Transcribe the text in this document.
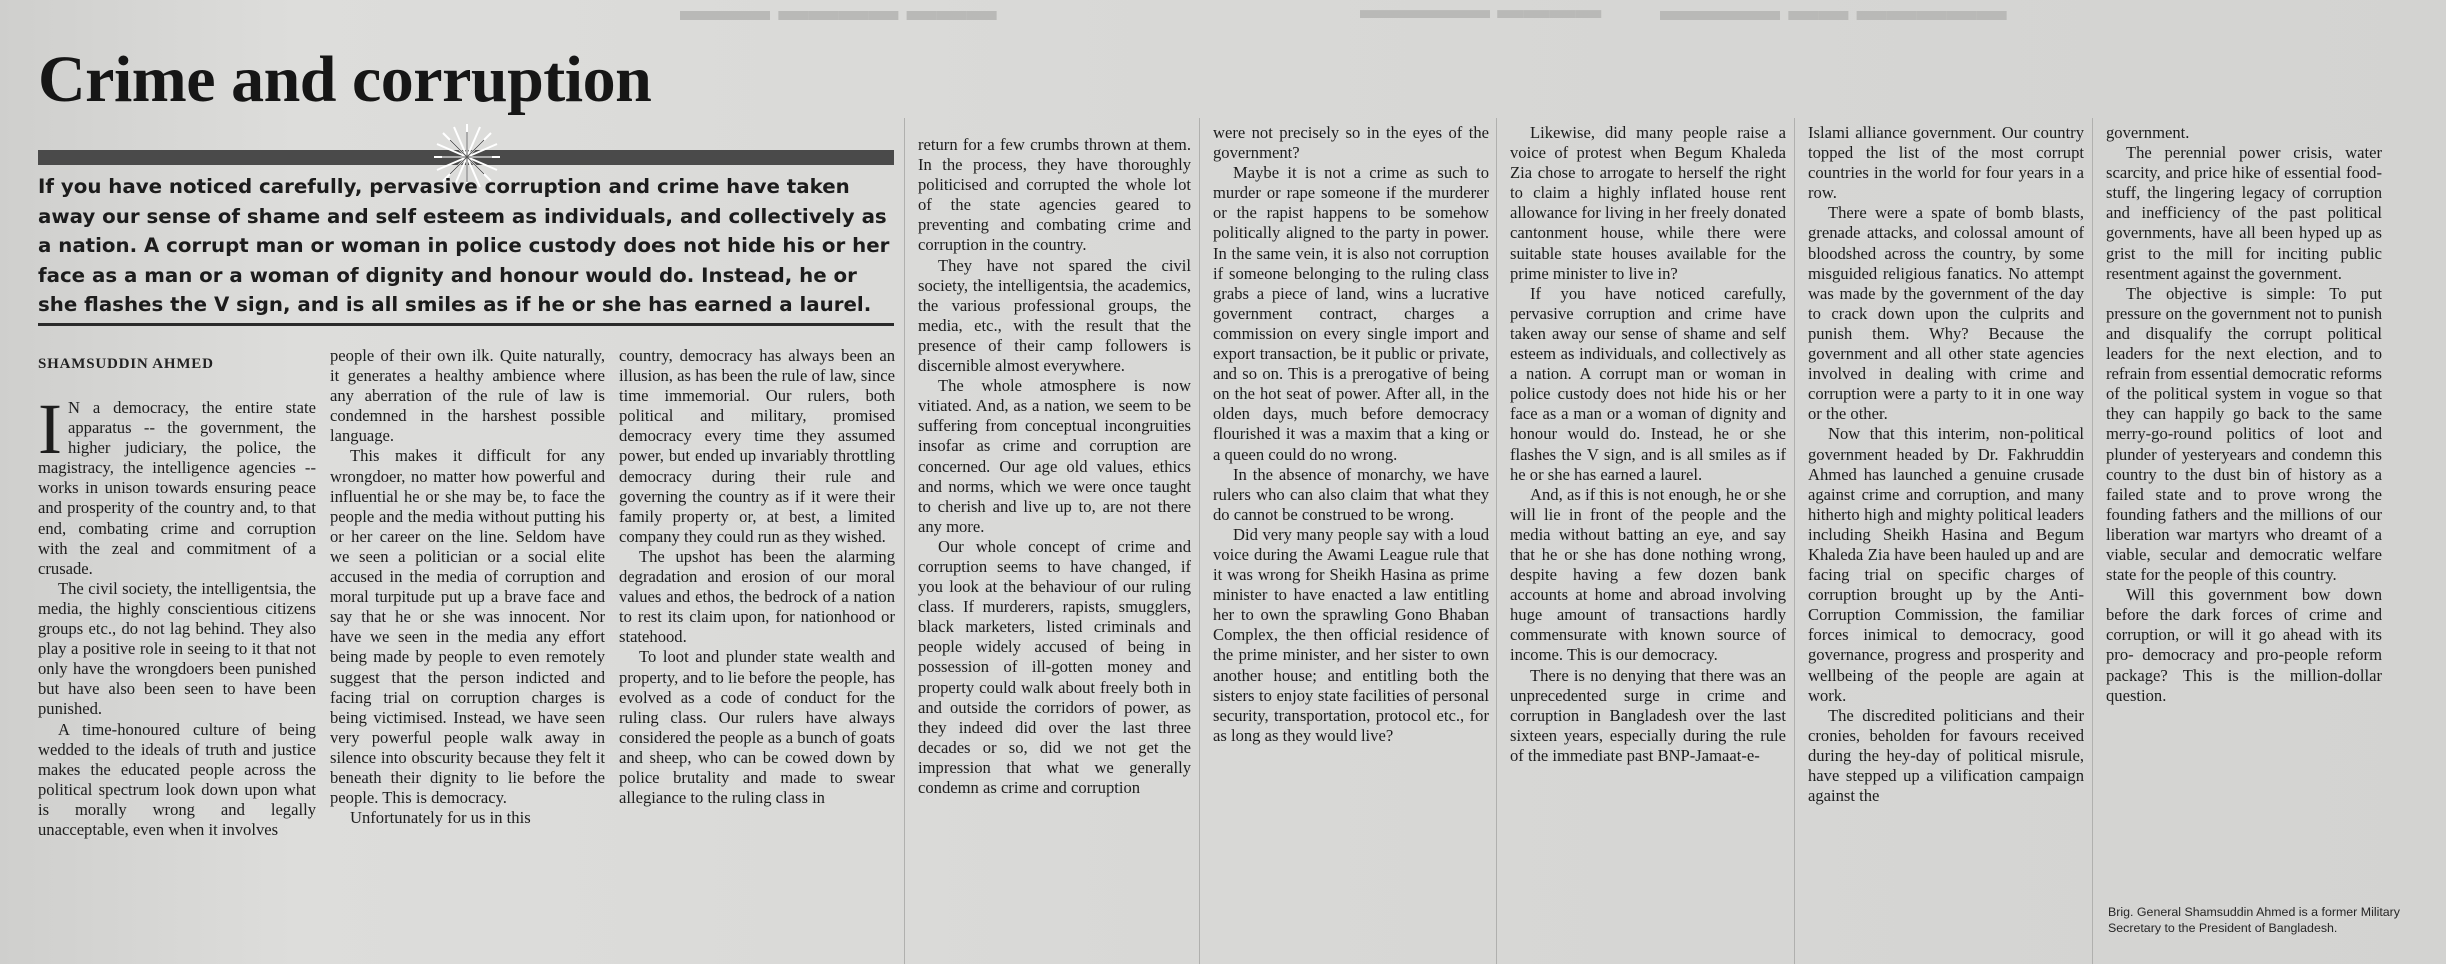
▬▬▬ ▬▬▬▬ ▬▬▬	▬▬▬▬▬ ▬▬▬▬ ▬▬▬▬ ▬▬ ▬▬▬▬▬
Crime and corruption

If you have noticed carefully, pervasive corruption and crime have taken away our sense of shame and self esteem as individuals, and collectively as a nation. A corrupt man or woman in police custody does not hide his or her face as a man or a woman of dignity and honour would do. Instead, he or she flashes the V sign, and is all smiles as if he or she has earned a laurel.

SHAMSUDDIN AHMED

I N a democracy, the entire state apparatus -- the government, the higher judiciary, the police, the magistracy, the intelligence agencies -- works in unison towards ensuring peace and prosperity of the country and, to that end, combating crime and corruption with the zeal and commitment of a crusade.

The civil society, the intelligentsia, the media, the highly conscientious citizens groups etc., do not lag behind. They also play a positive role in seeing to it that not only have the wrongdoers been punished but have also been seen to have been punished.

A time-honoured culture of being wedded to the ideals of truth and justice makes the educated people across the political spectrum look down upon what is morally wrong and legally unacceptable, even when it involves

people of their own ilk. Quite naturally, it generates a healthy ambience where any aberration of the rule of law is condemned in the harshest possible language.

This makes it difficult for any wrongdoer, no matter how powerful and influential he or she may be, to face the people and the media without putting his or her career on the line. Seldom have we seen a politician or a social elite accused in the media of corruption and moral turpitude put up a brave face and say that he or she was innocent. Nor have we seen in the media any effort being made by people to even remotely suggest that the person indicted and facing trial on corruption charges is being victimised. Instead, we have seen very powerful people walk away in silence into obscurity because they felt it beneath their dignity to lie before the people. This is democracy.

Unfortunately for us in this

country, democracy has always been an illusion, as has been the rule of law, since time immemorial. Our rulers, both political and military, promised democracy every time they assumed power, but ended up invariably throttling democracy during their rule and governing the country as if it were their family property or, at best, a limited company they could run as they wished.

The upshot has been the alarming degradation and erosion of our moral values and ethos, the bedrock of a nation to rest its claim upon, for nationhood or statehood.

To loot and plunder state wealth and property, and to lie before the people, has evolved as a code of conduct for the ruling class. Our rulers have always considered the people as a bunch of goats and sheep, who can be cowed down by police brutality and made to swear allegiance to the ruling class in

return for a few crumbs thrown at them. In the process, they have thoroughly politicised and corrupted the whole lot of the state agencies geared to preventing and combating crime and corruption in the country.

They have not spared the civil society, the intelligentsia, the academics, the various professional groups, the media, etc., with the result that the presence of their camp followers is discernible almost everywhere.

The whole atmosphere is now vitiated. And, as a nation, we seem to be suffering from conceptual incongruities insofar as crime and corruption are concerned. Our age old values, ethics and norms, which we were once taught to cherish and live up to, are not there any more.

Our whole concept of crime and corruption seems to have changed, if you look at the behaviour of our ruling class. If murderers, rapists, smugglers, black marketers, listed criminals and people widely accused of being in possession of ill-gotten money and property could walk about freely both in and outside the corridors of power, as they indeed did over the last three decades or so, did we not get the impression that what we generally condemn as crime and corruption

were not precisely so in the eyes of the government?

Maybe it is not a crime as such to murder or rape someone if the murderer or the rapist happens to be somehow politically aligned to the party in power. In the same vein, it is also not corruption if someone belonging to the ruling class grabs a piece of land, wins a lucrative government contract, charges a commission on every single import and export transaction, be it public or private, and so on. This is a prerogative of being on the hot seat of power. After all, in the olden days, much before democracy flourished it was a maxim that a king or a queen could do no wrong.

In the absence of monarchy, we have rulers who can also claim that what they do cannot be construed to be wrong.

Did very many people say with a loud voice during the Awami League rule that it was wrong for Sheikh Hasina as prime minister to have enacted a law entitling her to own the sprawling Gono Bhaban Complex, the then official residence of the prime minister, and her sister to own another house; and entitling both the sisters to enjoy state facilities of personal security, transportation, protocol etc., for as long as they would live?

Likewise, did many people raise a voice of protest when Begum Khaleda Zia chose to arrogate to herself the right to claim a highly inflated house rent allowance for living in her freely donated cantonment house, while there were suitable state houses available for the prime minister to live in?

If you have noticed carefully, pervasive corruption and crime have taken away our sense of shame and self esteem as individuals, and collectively as a nation. A corrupt man or woman in police custody does not hide his or her face as a man or a woman of dignity and honour would do. Instead, he or she flashes the V sign, and is all smiles as if he or she has earned a laurel.

And, as if this is not enough, he or she will lie in front of the people and the media without batting an eye, and say that he or she has done nothing wrong, despite having a few dozen bank accounts at home and abroad involving huge amount of transactions hardly commensurate with known source of income. This is our democracy.

There is no denying that there was an unprecedented surge in crime and corruption in Bangladesh over the last sixteen years, especially during the rule of the immediate past BNP-Jamaat-e-

Islami alliance government. Our country topped the list of the most corrupt countries in the world for four years in a row.

There were a spate of bomb blasts, grenade attacks, and colossal amount of bloodshed across the country, by some misguided religious fanatics. No attempt was made by the government of the day to crack down upon the culprits and punish them. Why? Because the government and all other state agencies involved in dealing with crime and corruption were a party to it in one way or the other.

Now that this interim, non-political government headed by Dr. Fakhruddin Ahmed has launched a genuine crusade against crime and corruption, and many hitherto high and mighty political leaders including Sheikh Hasina and Begum Khaleda Zia have been hauled up and are facing trial on specific charges of corruption brought up by the Anti- Corruption Commission, the familiar forces inimical to democracy, good governance, progress and prosperity and wellbeing of the people are again at work.

The discredited politicians and their cronies, beholden for favours received during the hey-day of political misrule, have stepped up a vilification campaign against the

government.

The perennial power crisis, water scarcity, and price hike of essential food-stuff, the lingering legacy of corruption and inefficiency of the past political governments, have all been hyped up as grist to the mill for inciting public resentment against the government.

The objective is simple: To put pressure on the government not to punish and disqualify the corrupt political leaders for the next election, and to refrain from essential democratic reforms of the political system in vogue so that they can happily go back to the same merry-go-round politics of loot and plunder of yesteryears and condemn this country to the dust bin of history as a failed state and to prove wrong the founding fathers and the millions of our liberation war martyrs who dreamt of a viable, secular and democratic welfare state for the people of this country.

Will this government bow down before the dark forces of crime and corruption, or will it go ahead with its pro- democracy and pro-people reform package? This is the million-dollar question.

Brig. General Shamsuddin Ahmed is a former Military Secretary to the President of Bangladesh.
